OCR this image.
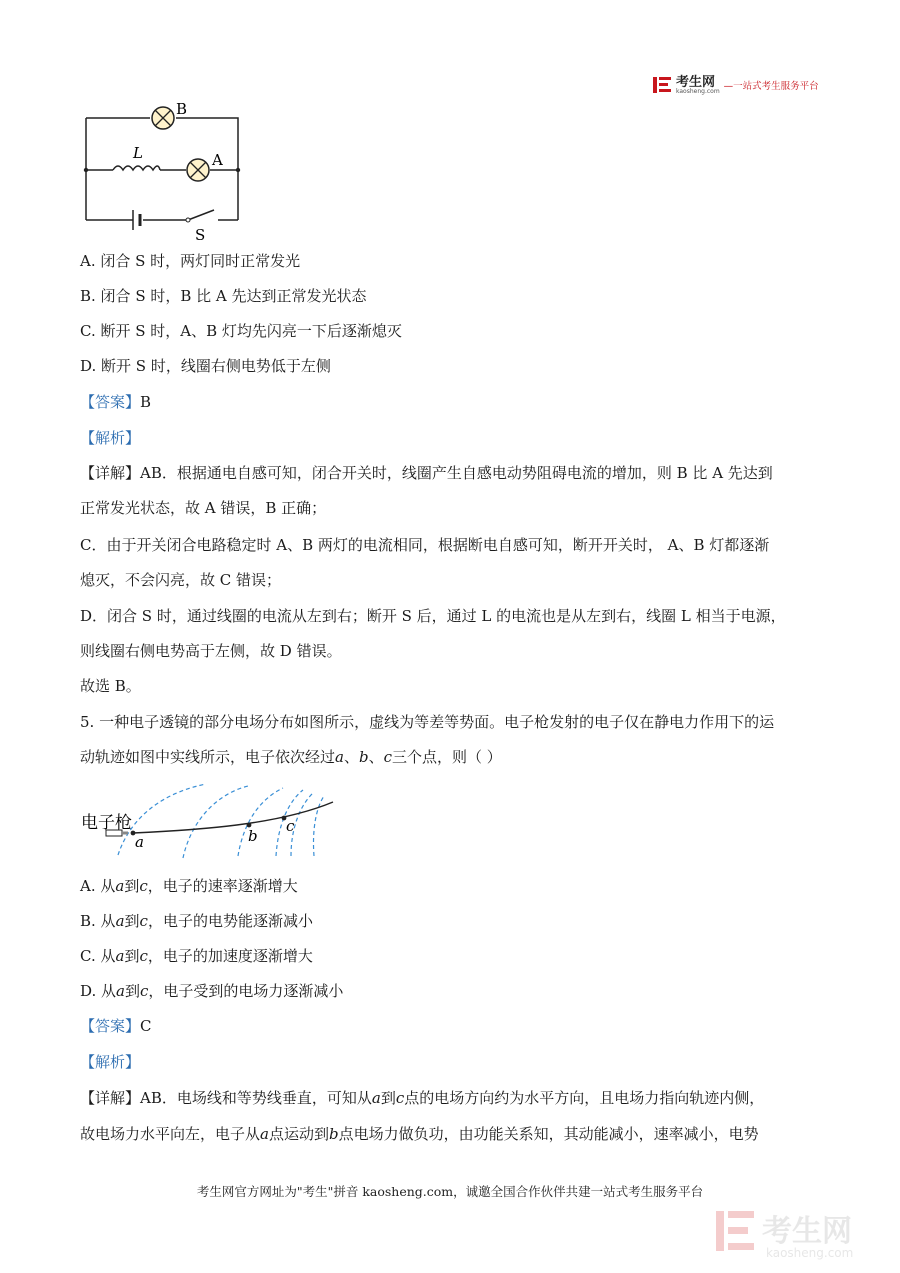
考生网
kaosheng.com —一站式考生服务平台
B
A
L
S
A. 闭合 S 时，两灯同时正常发光
B. 闭合 S 时，B 比 A 先达到正常发光状态
C. 断开 S 时，A、B 灯均先闪亮一下后逐渐熄灭
D. 断开 S 时，线圈右侧电势低于左侧
【答案】B
【解析】
【详解】AB．根据通电自感可知，闭合开关时，线圈产生自感电动势阻碍电流的增加，则 B 比 A 先达到
正常发光状态，故 A 错误，B 正确；
C．由于开关闭合电路稳定时 A、B 两灯的电流相同，根据断电自感可知，断开开关时， A、B 灯都逐渐
熄灭，不会闪亮，故 C 错误；
D．闭合 S 时，通过线圈的电流从左到右；断开 S 后，通过 L 的电流也是从左到右，线圈 L 相当于电源，
则线圈右侧电势高于左侧，故 D 错误。
故选 B。
5. 一种电子透镜的部分电场分布如图所示，虚线为等差等势面。电子枪发射的电子仅在静电力作用下的运
动轨迹如图中实线所示，电子依次经过a、b、c三个点，则（ ）
电子枪
a	b
c
A. 从a到c，电子的速率逐渐增大
B. 从a到c，电子的电势能逐渐减小
C. 从a到c，电子的加速度逐渐增大
D. 从a到c，电子受到的电场力逐渐减小
【答案】C
【解析】
【详解】AB．电场线和等势线垂直，可知从a到c点的电场方向约为水平方向，且电场力指向轨迹内侧，
故电场力水平向左，电子从a点运动到b点电场力做负功，由功能关系知，其动能减小，速率减小，电势
考生网官方网址为"考生"拼音 kaosheng.com，诚邀全国合作伙伴共建一站式考生服务平台
考生网
kaosheng.com
